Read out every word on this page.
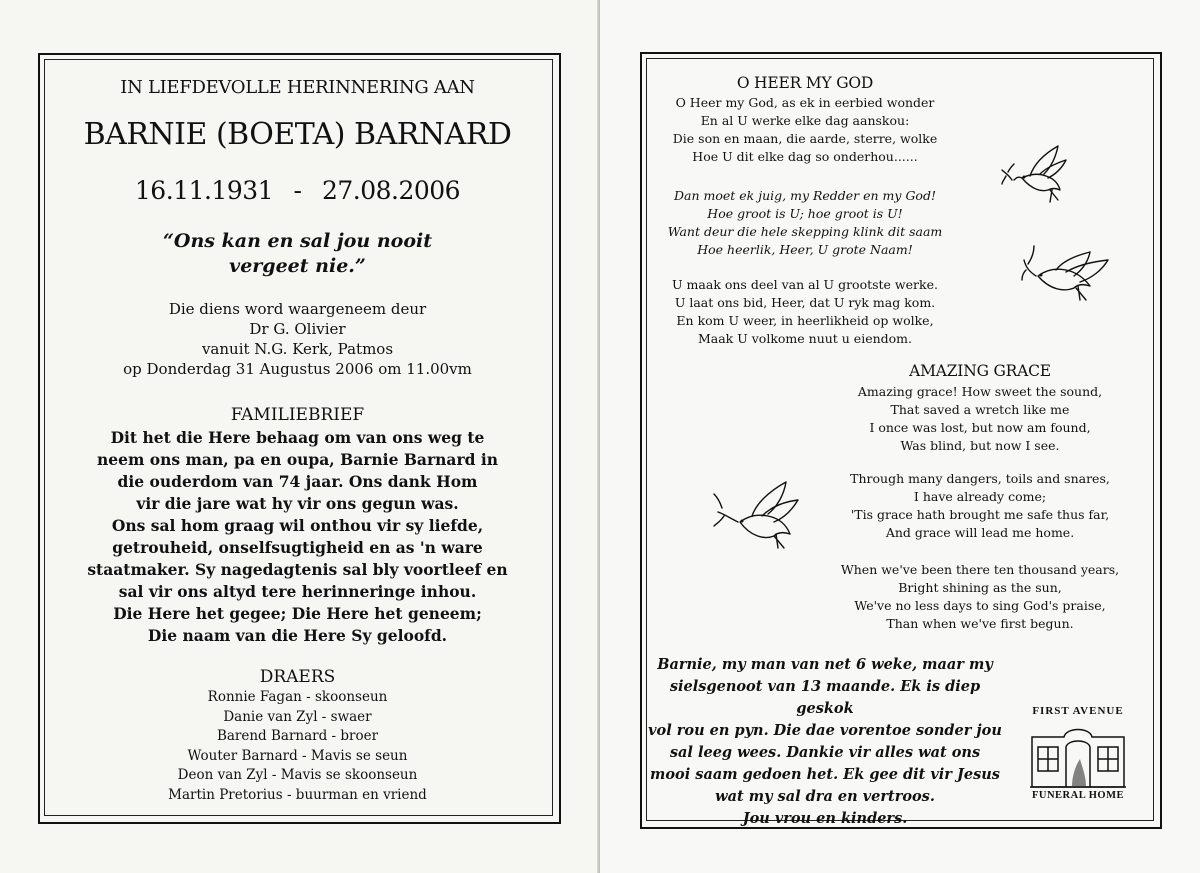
IN LIEFDEVOLLE HERINNERING AAN
BARNIE (BOETA) BARNARD
16.11.1931 - 27.08.2006
“Ons kan en sal jou nooit
vergeet nie.”
Die diens word waargeneem deur
Dr G. Olivier
vanuit N.G. Kerk, Patmos
op Donderdag 31 Augustus 2006 om 11.00vm
FAMILIEBRIEF
Dit het die Here behaag om van ons weg te
neem ons man, pa en oupa, Barnie Barnard in
die ouderdom van 74 jaar. Ons dank Hom
vir die jare wat hy vir ons gegun was.
Ons sal hom graag wil onthou vir sy liefde,
getrouheid, onselfsugtigheid en as 'n ware
staatmaker. Sy nagedagtenis sal bly voortleef en
sal vir ons altyd tere herinneringe inhou.
Die Here het gegee; Die Here het geneem;
Die naam van die Here Sy geloofd.
DRAERS
Ronnie Fagan - skoonseun
Danie van Zyl - swaer
Barend Barnard - broer
Wouter Barnard - Mavis se seun
Deon van Zyl - Mavis se skoonseun
Martin Pretorius - buurman en vriend
O HEER MY GOD
O Heer my God, as ek in eerbied wonder
En al U werke elke dag aanskou:
Die son en maan, die aarde, sterre, wolke
Hoe U dit elke dag so onderhou......
Dan moet ek juig, my Redder en my God!
Hoe groot is U; hoe groot is U!
Want deur die hele skepping klink dit saam
Hoe heerlik, Heer, U grote Naam!
U maak ons deel van al U grootste werke.
U laat ons bid, Heer, dat U ryk mag kom.
En kom U weer, in heerlikheid op wolke,
Maak U volkome nuut u eiendom.
AMAZING GRACE
Amazing grace! How sweet the sound,
That saved a wretch like me
I once was lost, but now am found,
Was blind, but now I see.
Through many dangers, toils and snares,
I have already come;
'Tis grace hath brought me safe thus far,
And grace will lead me home.
When we've been there ten thousand years,
Bright shining as the sun,
We've no less days to sing God's praise,
Than when we've first begun.
Barnie, my man van net 6 weke, maar my
sielsgenoot van 13 maande. Ek is diep geskok
vol rou en pyn. Die dae vorentoe sonder jou
sal leeg wees. Dankie vir alles wat ons
mooi saam gedoen het. Ek gee dit vir Jesus
wat my sal dra en vertroos.
Jou vrou en kinders.
FIRST AVENUE
FUNERAL HOME
